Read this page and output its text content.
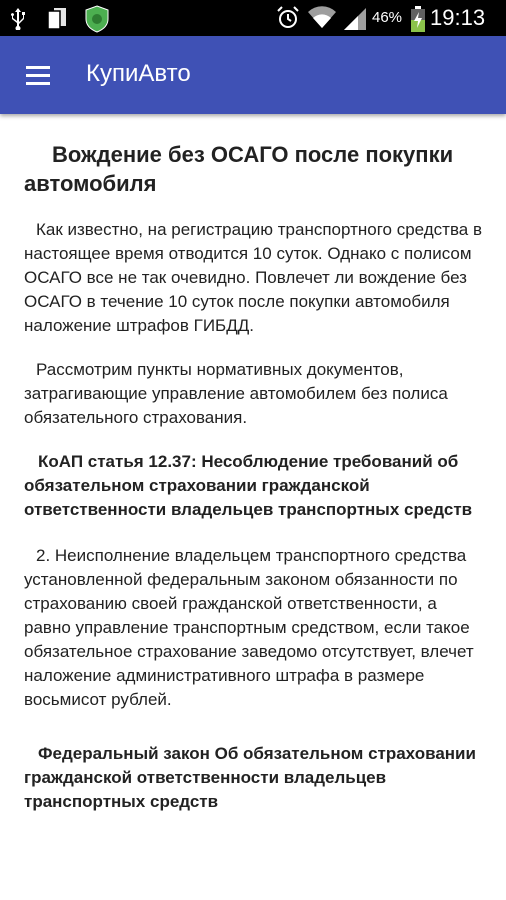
46% 19:13
КупиАвто
Вождение без ОСАГО после покупки автомобиля
Как известно, на регистрацию транспортного средства в настоящее время отводится 10 суток. Однако с полисом ОСАГО все не так очевидно. Повлечет ли вождение без ОСАГО в течение 10 суток после покупки автомобиля наложение штрафов ГИБДД.
Рассмотрим пункты нормативных документов, затрагивающие управление автомобилем без полиса обязательного страхования.
КоАП статья 12.37: Несоблюдение требований об обязательном страховании гражданской ответственности владельцев транспортных средств
2. Неисполнение владельцем транспортного средства установленной федеральным законом обязанности по страхованию своей гражданской ответственности, а равно управление транспортным средством, если такое обязательное страхование заведомо отсутствует, влечет наложение административного штрафа в размере восьмисот рублей.
Федеральный закон Об обязательном страховании гражданской ответственности владельцев транспортных средств
